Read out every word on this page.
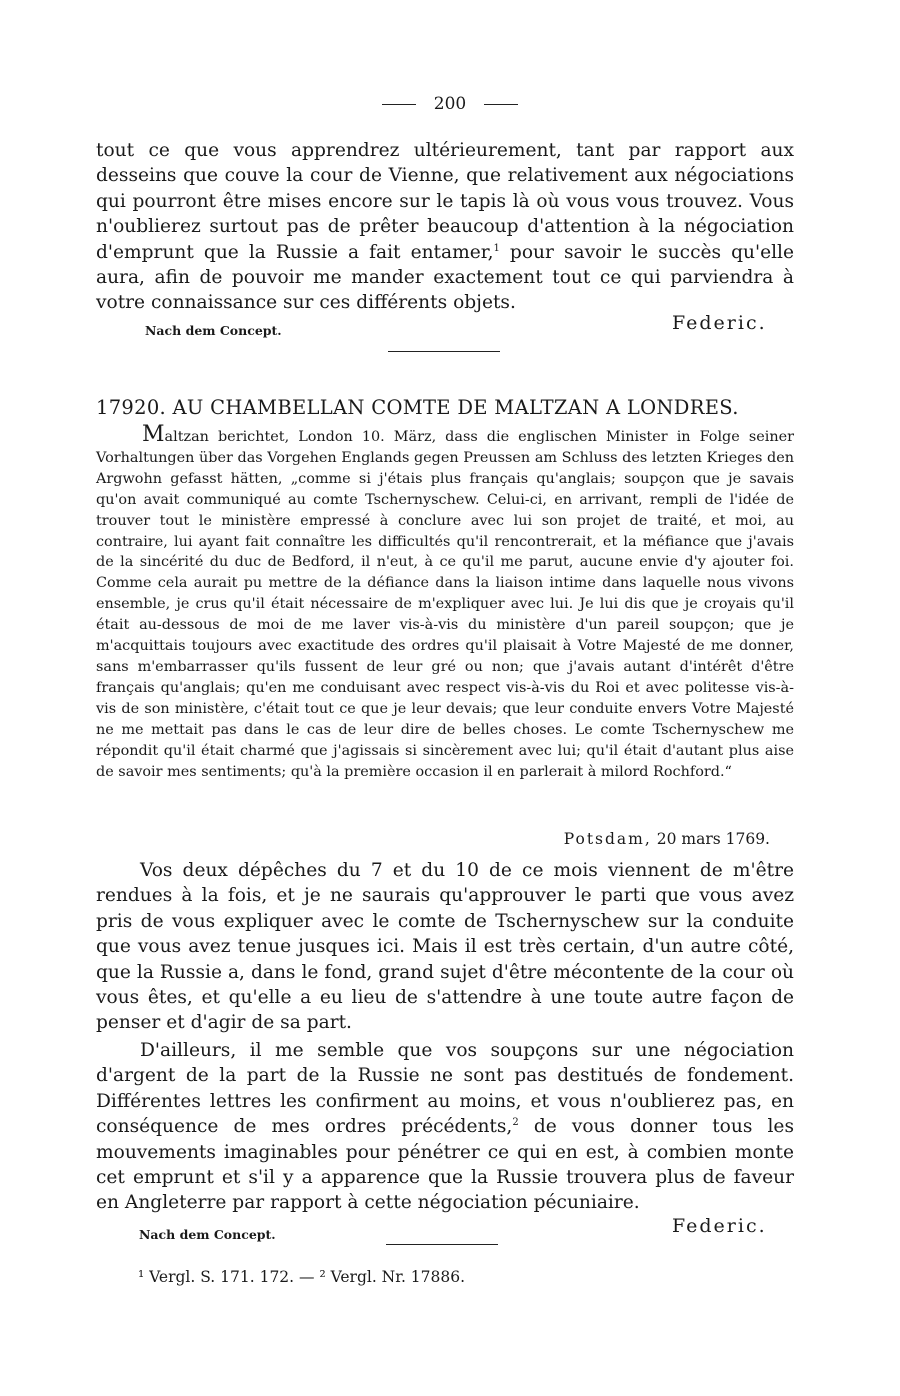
200

tout ce que vous apprendrez ultérieurement, tant par rapport aux desseins que couve la cour de Vienne, que relativement aux négociations qui pourront être mises encore sur le tapis là où vous vous trouvez. Vous n'oublierez surtout pas de prêter beaucoup d'attention à la négociation d'emprunt que la Russie a fait entamer,$^1$ pour savoir le succès qu'elle aura, afin de pouvoir me mander exactement tout ce qui parviendra à votre connaissance sur ces différents objets.

Nach dem Concept.	Federic.
17920. AU CHAMBELLAN COMTE DE MALTZAN A LONDRES.

Maltzan berichtet, London 10. März, dass die englischen Minister in Folge seiner Vorhaltungen über das Vorgehen Englands gegen Preussen am Schluss des letzten Krieges den Argwohn gefasst hätten, „comme si j'étais plus français qu'anglais; soupçon que je savais qu'on avait communiqué au comte Tschernyschew. Celui-ci, en arrivant, rempli de l'idée de trouver tout le ministère empressé à conclure avec lui son projet de traité, et moi, au contraire, lui ayant fait connaître les difficultés qu'il rencontrerait, et la méfiance que j'avais de la sincérité du duc de Bedford, il n'eut, à ce qu'il me parut, aucune envie d'y ajouter foi. Comme cela aurait pu mettre de la défiance dans la liaison intime dans laquelle nous vivons ensemble, je crus qu'il était nécessaire de m'expliquer avec lui. Je lui dis que je croyais qu'il était au-dessous de moi de me laver vis-à-vis du ministère d'un pareil soupçon; que je m'acquittais toujours avec exactitude des ordres qu'il plaisait à Votre Majesté de me donner, sans m'embarrasser qu'ils fussent de leur gré ou non; que j'avais autant d'intérêt d'être français qu'anglais; qu'en me conduisant avec respect vis-à-vis du Roi et avec politesse vis-à-vis de son ministère, c'était tout ce que je leur devais; que leur conduite envers Votre Majesté ne me mettait pas dans le cas de leur dire de belles choses. Le comte Tschernyschew me répondit qu'il était charmé que j'agissais si sincèrement avec lui; qu'il était d'autant plus aise de savoir mes sentiments; qu'à la première occasion il en parlerait à milord Rochford.“

Potsdam, 20 mars 1769.

Vos deux dépêches du 7 et du 10 de ce mois viennent de m'être rendues à la fois, et je ne saurais qu'approuver le parti que vous avez pris de vous expliquer avec le comte de Tschernyschew sur la conduite que vous avez tenue jusques ici. Mais il est très certain, d'un autre côté, que la Russie a, dans le fond, grand sujet d'être mécontente de la cour où vous êtes, et qu'elle a eu lieu de s'attendre à une toute autre façon de penser et d'agir de sa part.

D'ailleurs, il me semble que vos soupçons sur une négociation d'argent de la part de la Russie ne sont pas destitués de fondement. Différentes lettres les confirment au moins, et vous n'oublierez pas, en conséquence de mes ordres précédents,$^2$ de vous donner tous les mouvements imaginables pour pénétrer ce qui en est, à combien monte cet emprunt et s'il y a apparence que la Russie trouvera plus de faveur en Angleterre par rapport à cette négociation pécuniaire.

Nach dem Concept.	Federic.
¹ Vergl. S. 171. 172. — ² Vergl. Nr. 17886.
